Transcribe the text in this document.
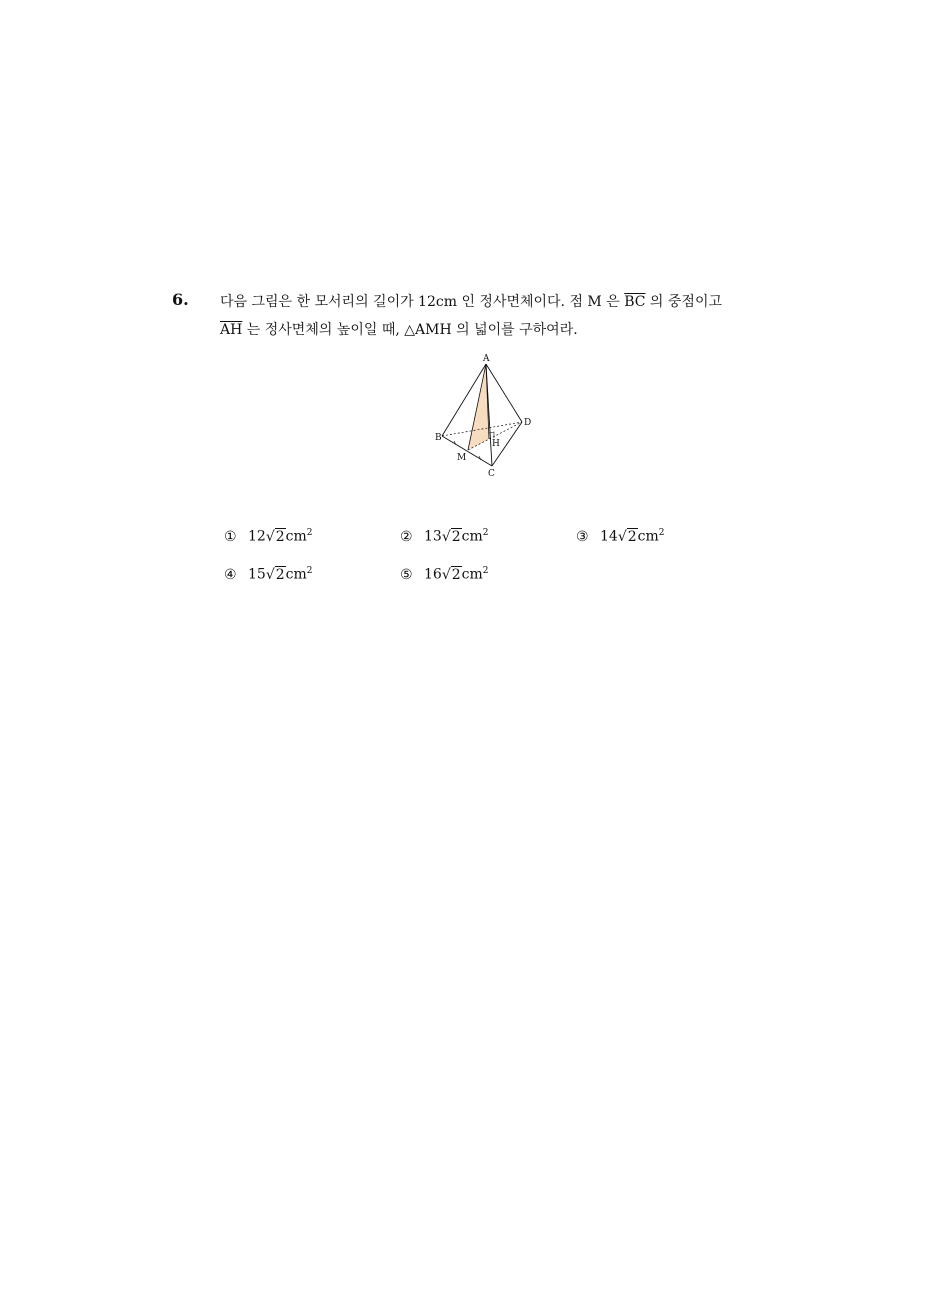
6. 다음 그림은 한 모서리의 길이가 12cm 인 정사면체이다. 점 M 은 $\overline{BC}$ 의 중점이고
$\overline{AH}$ 는 정사면체의 높이일 때, △AMH 의 넓이를 구하여라.
A
B
C
D
M
H
① $12√2cm^2$	② $13√2cm^2$	③ $14√2cm^2$
④ $15√2cm^2$	⑤ $16√2cm^2$
